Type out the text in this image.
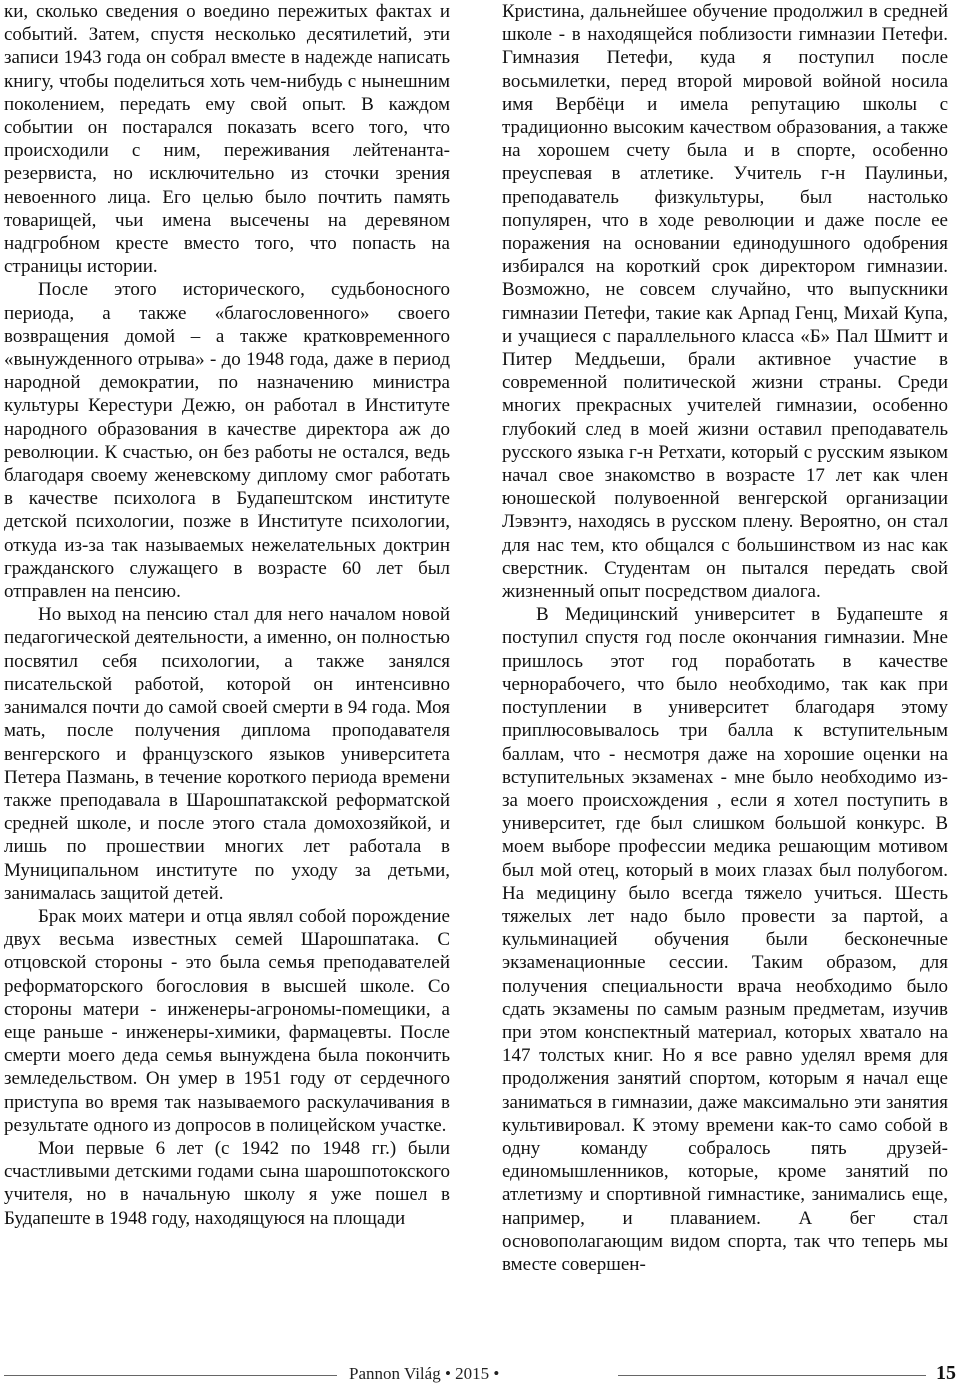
ки, сколько сведения о воедино пережитых фактах и событий. Затем, спустя несколько десятилетий, эти записи 1943 года он собрал вместе в надежде написать книгу, чтобы поделиться хоть чем-нибудь с нынешним поколением, передать ему свой опыт. В каждом событии он постарался показать всего того, что происходили с ним, переживания лейтенанта-резервиста, но исключительно из сточки зрения невоенного лица. Его целью было почтить память товарищей, чьи имена высечены на деревяном надгробном кресте вместо того, что попасть на страницы истории.

После этого исторического, судьбоносного периода, а также «благословенного» своего возвращения домой – а также кратковременного «вынужденного отрыва» - до 1948 года, даже в период народной демократии, по назначению министра культуры Керестури Дежю, он работал в Институте народного образования в качестве директора аж до революции. К счастью, он без работы не остался, ведь благодаря своему женевскому диплому смог работать в качестве психолога в Будапештском институте детской психологии, позже в Институте психологии, откуда из-за так называемых нежелательных доктрин гражданского служащего в возрасте 60 лет был отправлен на пенсию.

Но выход на пенсию стал для него началом новой педагогической деятельности, а именно, он полностью посвятил себя психологии, а также занялся писательской работой, которой он интенсивно занимался почти до самой своей смерти в 94 года. Моя мать, после получения диплома проподавателя венгерского и французского языков университета Петера Пазмань, в течение короткого периода времени также преподавала в Шарошпатакской реформатской средней школе, и после этого стала домохозяйкой, и лишь по прошествии многих лет работала в Муниципальном институте по уходу за детьми, занималась защитой детей.

Брак моих матери и отца являл собой порождение двух весьма известных семей Шарошпатака. С отцовской стороны - это была семья преподавателей реформаторского богословия в высшей школе. Со стороны матери - инженеры-агрономы-помещики, а еще раньше - инженеры-химики, фармацевты. После смерти моего деда семья вынуждена была покончить земледельством. Он умер в 1951 году от сердечного приступа во время так называемого раскулачивания в результате одного из допросов в полицейском участке.

Мои первые 6 лет (с 1942 по 1948 гг.) были счастливыми детскими годами сына шарошпотокского учителя, но в начальную школу я уже пошел в Будапеште в 1948 году, находящуюся на площади

Кристина, дальнейшее обучение продолжил в средней школе - в находящейся поблизости гимназии Петефи. Гимназия Петефи, куда я поступил после восьмилетки, перед второй мировой войной носила имя Вербёци и имела репутацию школы с традиционно высоким качеством образования, а также на хорошем счету была и в спорте, особенно преуспевая в атлетике. Учитель г-н Паулиньи, преподаватель физкультуры, был настолько популярен, что в ходе революции и даже после ее поражения на основании единодушного одобрения избирался на короткий срок директором гимназии. Возможно, не совсем случайно, что выпускники гимназии Петефи, такие как Арпад Генц, Михай Купа, и учащиеся с параллельного класса «Б» Пал Шмитт и Питер Меддьеши, брали активное участие в современной политической жизни страны. Среди многих прекрасных учителей гимназии, особенно глубокий след в моей жизни оставил преподаватель русского языка г-н Ретхати, который с русским языком начал свое знакомство в возрасте 17 лет как член юношеской полувоенной венгерской организации Лэвэнтэ, находясь в русском плену. Вероятно, он стал для нас тем, кто общался с большинством из нас как сверстник. Студентам он пытался передать свой жизненный опыт посредством диалога.

В Медицинский университет в Будапеште я поступил спустя год после окончания гимназии. Мне пришлось этот год поработать в качестве чернорабочего, что было необходимо, так как при поступлении в университет благодаря этому приплюсовывалось три балла к вступительным баллам, что - несмотря даже на хорошие оценки на вступительных экзаменах - мне было необходимо из-за моего происхождения , если я хотел поступить в университет, где был слишком большой конкурс. В моем выборе профессии медика решающим мотивом был мой отец, который в моих глазах был полубогом. На медицину было всегда тяжело учиться. Шесть тяжелых лет надо было провести за партой, а кульминацией обучения были бесконечные экзаменационные сессии. Таким образом, для получения специальности врача необходимо было сдать экзамены по самым разным предметам, изучив при этом конспектный материал, которых хватало на 147 толстых книг. Но я все равно уделял время для продолжения занятий спортом, которым я начал еще заниматься в гимназии, даже максимально эти занятия культивировал. К этому времени как-то само собой в одну команду собралось пять друзей-единомышленников, которые, кроме занятий по атлетизму и спортивной гимнастике, занимались еще, например, и плаванием. А бег стал основополагающим видом спорта, так что теперь мы вместе совершен-

Pannon Világ • 2015 •	15
